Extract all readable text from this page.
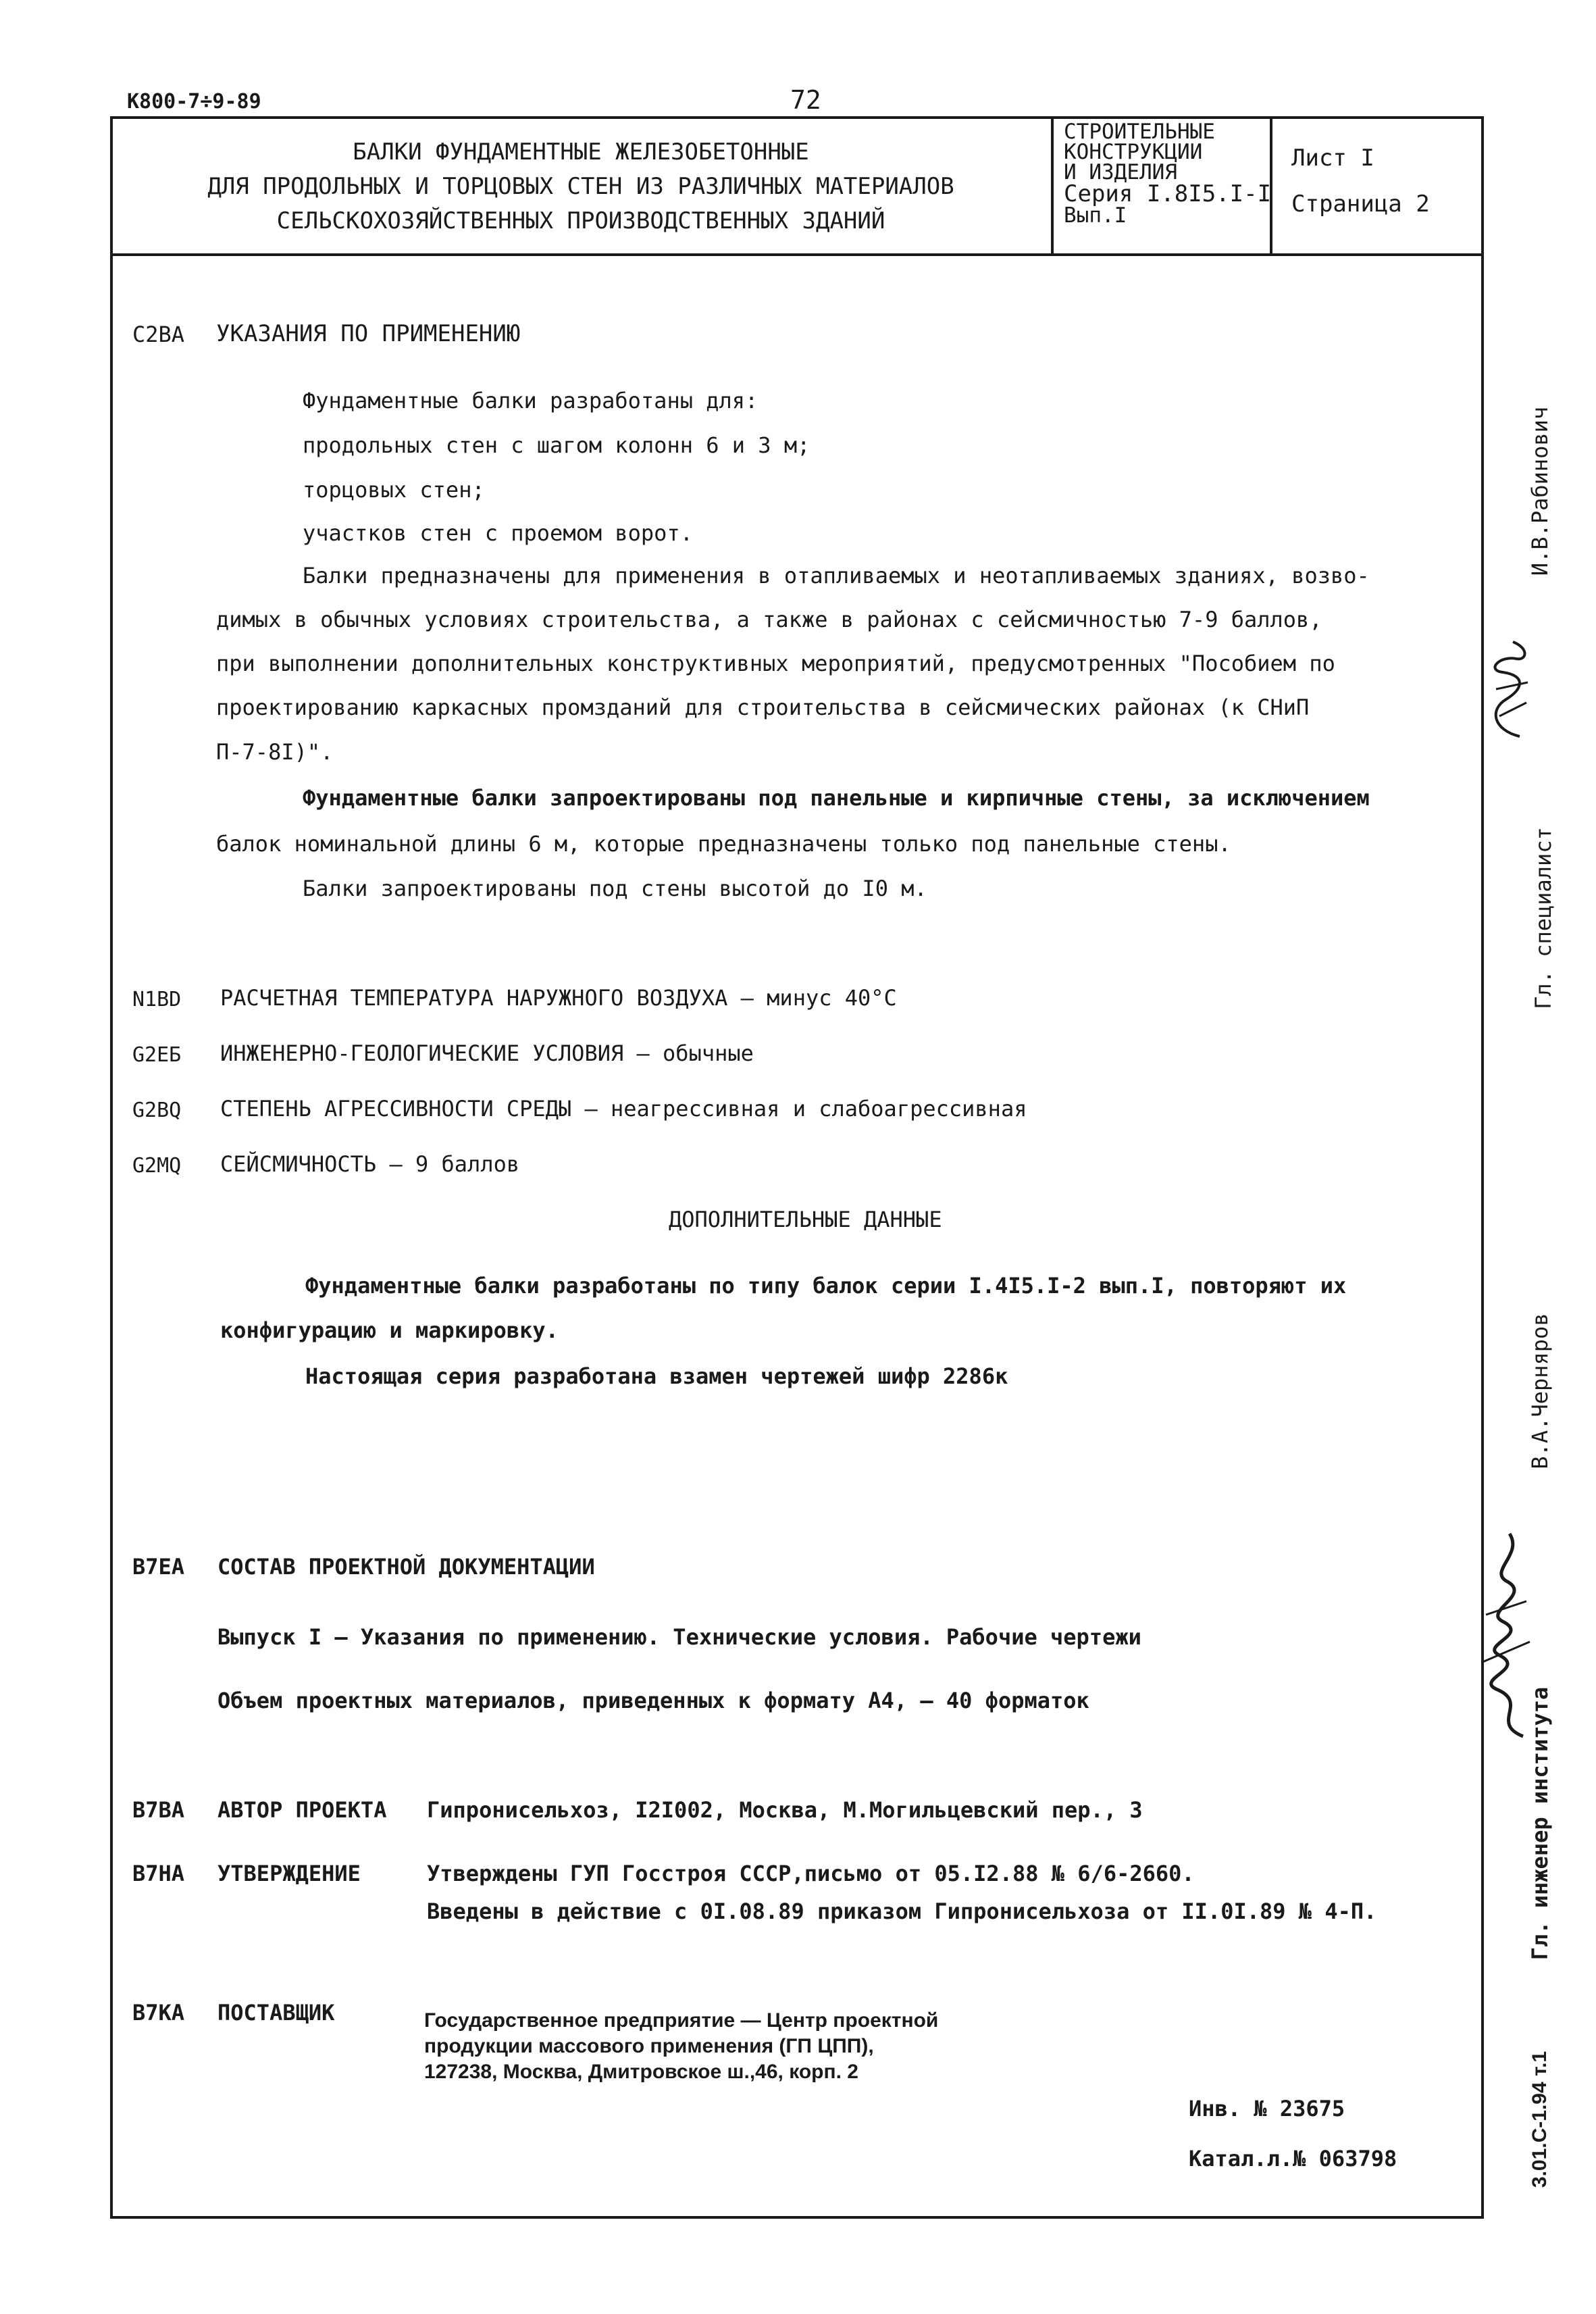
К800-7÷9-89	72
БАЛКИ ФУНДАМЕНТНЫЕ ЖЕЛЕЗОБЕТОННЫЕ
ДЛЯ ПРОДОЛЬНЫХ И ТОРЦОВЫХ СТЕН ИЗ РАЗЛИЧНЫХ МАТЕРИАЛОВ
СЕЛЬСКОХОЗЯЙСТВЕННЫХ ПРОИЗВОДСТВЕННЫХ ЗДАНИЙ
СТРОИТЕЛЬНЫЕ
КОНСТРУКЦИИ
И ИЗДЕЛИЯ
Серия I.8I5.I-I
Вып.I
Лист I
Страница 2
С2ВА УКАЗАНИЯ ПО ПРИМЕНЕНИЮ
Фундаментные балки разработаны для:
продольных стен с шагом колонн 6 и 3 м;
торцовых стен;
участков стен с проемом ворот.
Балки предназначены для применения в отапливаемых и неотапливаемых зданиях, возво-
димых в обычных условиях строительства, а также в районах с сейсмичностью 7-9 баллов,
при выполнении дополнительных конструктивных мероприятий, предусмотренных "Пособием по
проектированию каркасных промзданий для строительства в сейсмических районах (к СНиП
П-7-8I)".
Фундаментные балки запроектированы под панельные и кирпичные стены, за исключением
балок номинальной длины 6 м, которые предназначены только под панельные стены.
Балки запроектированы под стены высотой до I0 м.
N1BD РАСЧЕТНАЯ ТЕМПЕРАТУРА НАРУЖНОГО ВОЗДУХА – минус 40°С
G2EБ ИНЖЕНЕРНО-ГЕОЛОГИЧЕСКИЕ УСЛОВИЯ – обычные
G2BQ СТЕПЕНЬ АГРЕССИВНОСТИ СРЕДЫ – неагрессивная и слабоагрессивная
G2MQ СЕЙСМИЧНОСТЬ – 9 баллов
ДОПОЛНИТЕЛЬНЫЕ ДАННЫЕ
Фундаментные балки разработаны по типу балок серии I.4I5.I-2 вып.I, повторяют их
конфигурацию и маркировку.
Настоящая серия разработана взамен чертежей шифр 2286к
В7ЕА СОСТАВ ПРОЕКТНОЙ ДОКУМЕНТАЦИИ
Выпуск I – Указания по применению. Технические условия. Рабочие чертежи
Объем проектных материалов, приведенных к формату А4, – 40 форматок
В7ВА АВТОР ПРОЕКТА Гипронисельхоз, I2I002, Москва, М.Могильцевский пер., 3
В7НА УТВЕРЖДЕНИЕ	Утверждены ГУП Госстроя СССР,письмо от 05.I2.88 № 6/6-2660.
Введены в действие с 0I.08.89 приказом Гипронисельхоза от II.0I.89 № 4-П.
В7КА ПОСТАВЩИК	Государственное предприятие — Центр проектной
продукции массового применения (ГП ЦПП),
127238, Москва, Дмитровское ш.,46, корп. 2
Инв. № 23675
Катал.л.№ 063798
И.В.Рабинович
Гл. специалист
В.А.Черняров
Гл. инженер института
3.01.С-1.94 т.1
